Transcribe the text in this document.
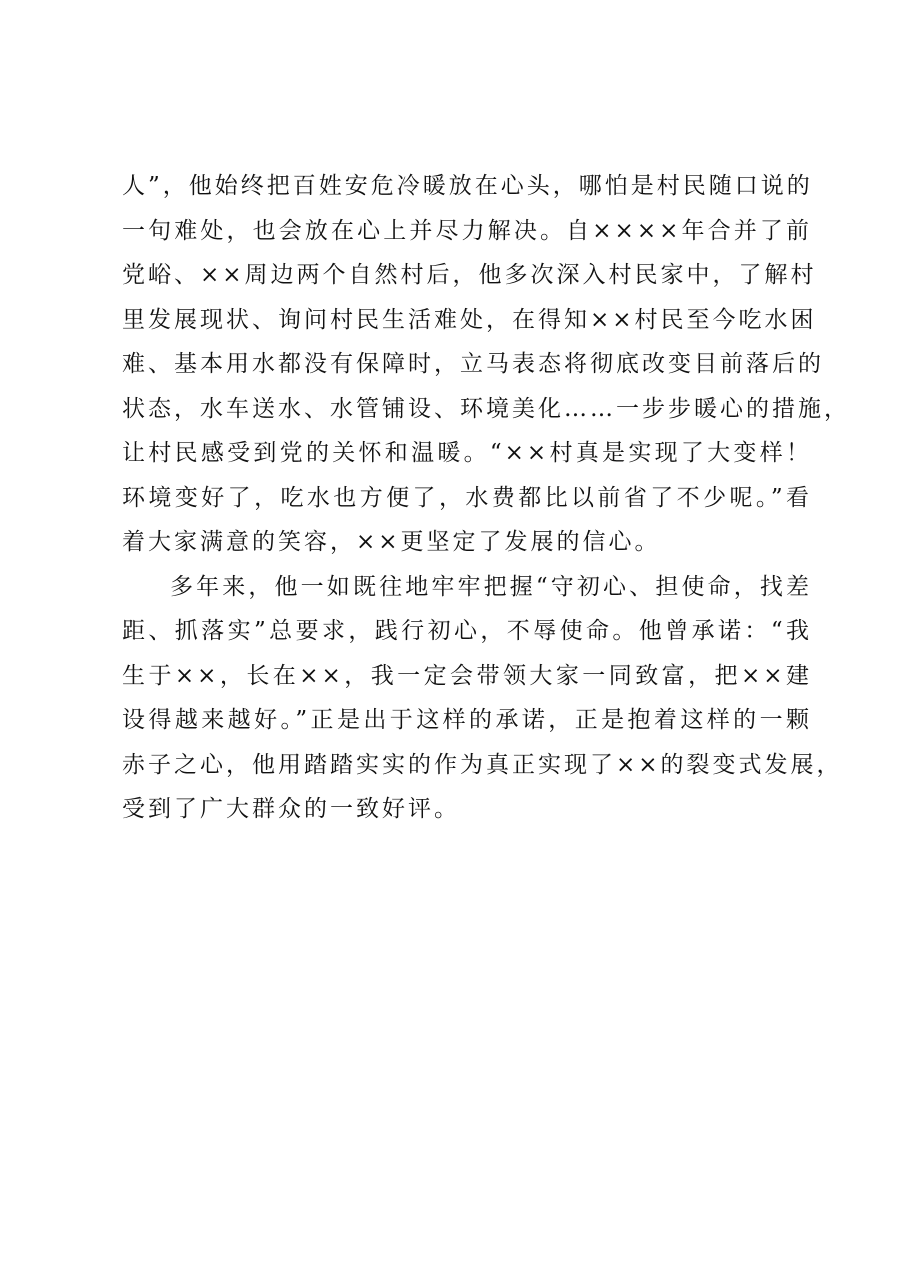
人”，他始终把百姓安危冷暖放在心头，哪怕是村民随口说的
一句难处，也会放在心上并尽力解决。自××××年合并了前
党峪、××周边两个自然村后，他多次深入村民家中，了解村
里发展现状、询问村民生活难处，在得知××村民至今吃水困
难、基本用水都没有保障时，立马表态将彻底改变目前落后的
状态，水车送水、水管铺设、环境美化……一步步暖心的措施，
让村民感受到党的关怀和温暖。“××村真是实现了大变样！
环境变好了，吃水也方便了，水费都比以前省了不少呢。”看
着大家满意的笑容，××更坚定了发展的信心。
多年来，他一如既往地牢牢把握“守初心、担使命，找差
距、抓落实”总要求，践行初心，不辱使命。他曾承诺：“我
生于××，长在××，我一定会带领大家一同致富，把××建
设得越来越好。”正是出于这样的承诺，正是抱着这样的一颗
赤子之心，他用踏踏实实的作为真正实现了××的裂变式发展，
受到了广大群众的一致好评。
